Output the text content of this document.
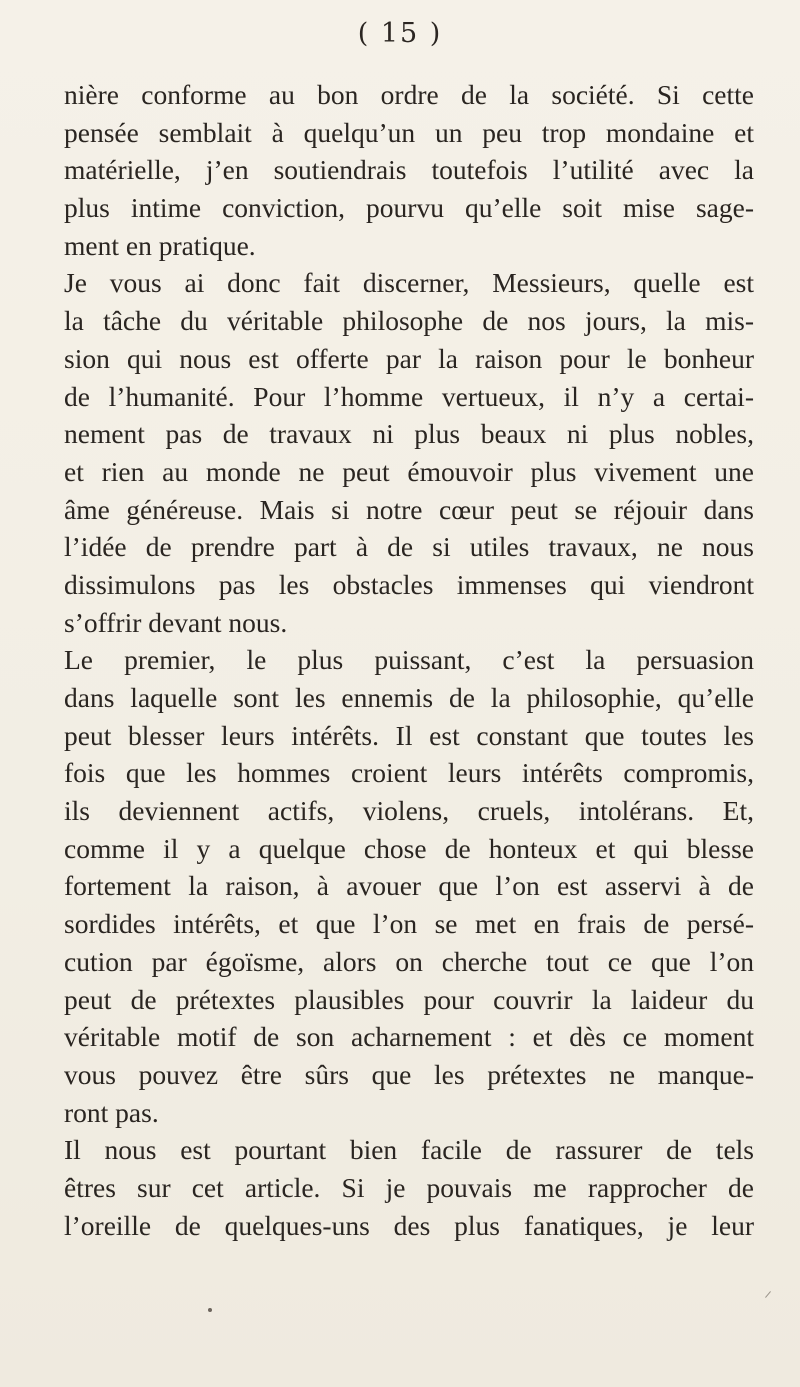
( 15 )
nière conforme au bon ordre de la société. Si cette
pensée semblait à quelqu’un un peu trop mondaine et
matérielle, j’en soutiendrais toutefois l’utilité avec la
plus intime conviction, pourvu qu’elle soit mise sage-
ment en pratique.
Je vous ai donc fait discerner, Messieurs, quelle est
la tâche du véritable philosophe de nos jours, la mis-
sion qui nous est offerte par la raison pour le bonheur
de l’humanité. Pour l’homme vertueux, il n’y a certai-
nement pas de travaux ni plus beaux ni plus nobles,
et rien au monde ne peut émouvoir plus vivement une
âme généreuse. Mais si notre cœur peut se réjouir dans
l’idée de prendre part à de si utiles travaux, ne nous
dissimulons pas les obstacles immenses qui viendront
s’offrir devant nous.
Le premier, le plus puissant, c’est la persuasion
dans laquelle sont les ennemis de la philosophie, qu’elle
peut blesser leurs intérêts. Il est constant que toutes les
fois que les hommes croient leurs intérêts compromis,
ils deviennent actifs, violens, cruels, intolérans. Et,
comme il y a quelque chose de honteux et qui blesse
fortement la raison, à avouer que l’on est asservi à de
sordides intérêts, et que l’on se met en frais de persé-
cution par égoïsme, alors on cherche tout ce que l’on
peut de prétextes plausibles pour couvrir la laideur du
véritable motif de son acharnement : et dès ce moment
vous pouvez être sûrs que les prétextes ne manque-
ront pas.
Il nous est pourtant bien facile de rassurer de tels
êtres sur cet article. Si je pouvais me rapprocher de
l’oreille de quelques-uns des plus fanatiques, je leur
